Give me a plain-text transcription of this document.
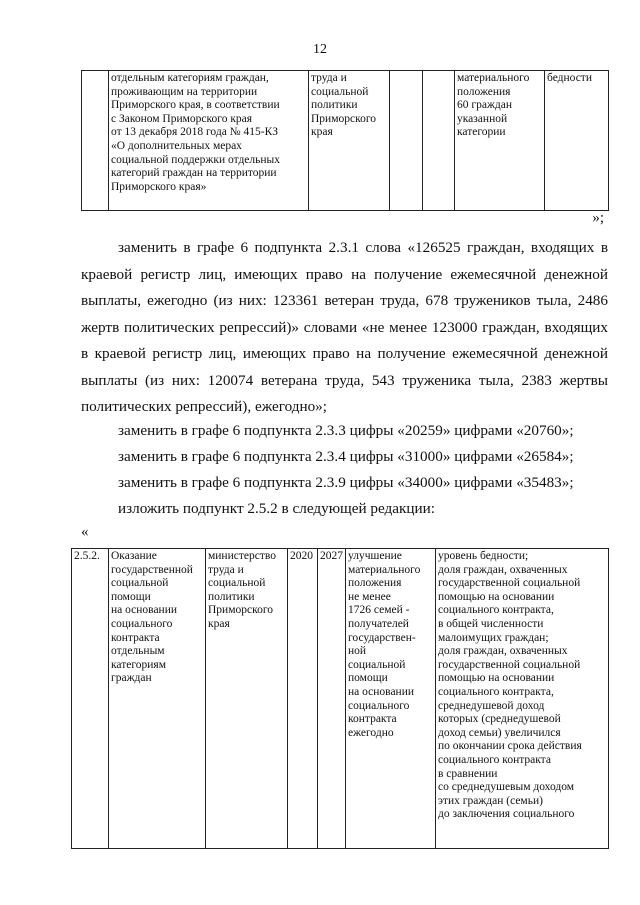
12
	отдельным категориям граждан,
проживающим на территории
Приморского края, в соответствии
с Законом Приморского края
от 13 декабря 2018 года № 415-КЗ
«О дополнительных мерах
социальной поддержки отдельных
категорий граждан на территории
Приморского края»	труда и
социальной
политики
Приморского
края			материального
положения
60 граждан
указанной
категории	бедности
»;

заменить в графе 6 подпункта 2.3.1 слова «126525 граждан, входящих в краевой регистр лиц, имеющих право на получение ежемесячной денежной выплаты, ежегодно (из них: 123361 ветеран труда, 678 тружеников тыла, 2486 жертв политических репрессий)» словами «не менее 123000 граждан, входящих в краевой регистр лиц, имеющих право на получение ежемесячной денежной выплаты (из них: 120074 ветерана труда, 543 труженика тыла, 2383 жертвы политических репрессий), ежегодно»;

заменить в графе 6 подпункта 2.3.3 цифры «20259» цифрами «20760»;

заменить в графе 6 подпункта 2.3.4 цифры «31000» цифрами «26584»;

заменить в графе 6 подпункта 2.3.9 цифры «34000» цифрами «35483»;

изложить подпункт 2.5.2 в следующей редакции:

«
2.5.2.	Оказание
государственной
социальной
помощи
на основании
социального
контракта
отдельным
категориям
граждан	министерство
труда и
социальной
политики
Приморского
края	2020	2027	улучшение
материального
положения
не менее
1726 семей -
получателей
государствен-
ной
социальной
помощи
на основании
социального
контракта
ежегодно	уровень бедности;
доля граждан, охваченных
государственной социальной
помощью на основании
социального контракта,
в общей численности
малоимущих граждан;
доля граждан, охваченных
государственной социальной
помощью на основании
социального контракта,
среднедушевой доход
которых (среднедушевой
доход семьи) увеличился
по окончании срока действия
социального контракта
в сравнении
со среднедушевым доходом
этих граждан (семьи)
до заключения социального
